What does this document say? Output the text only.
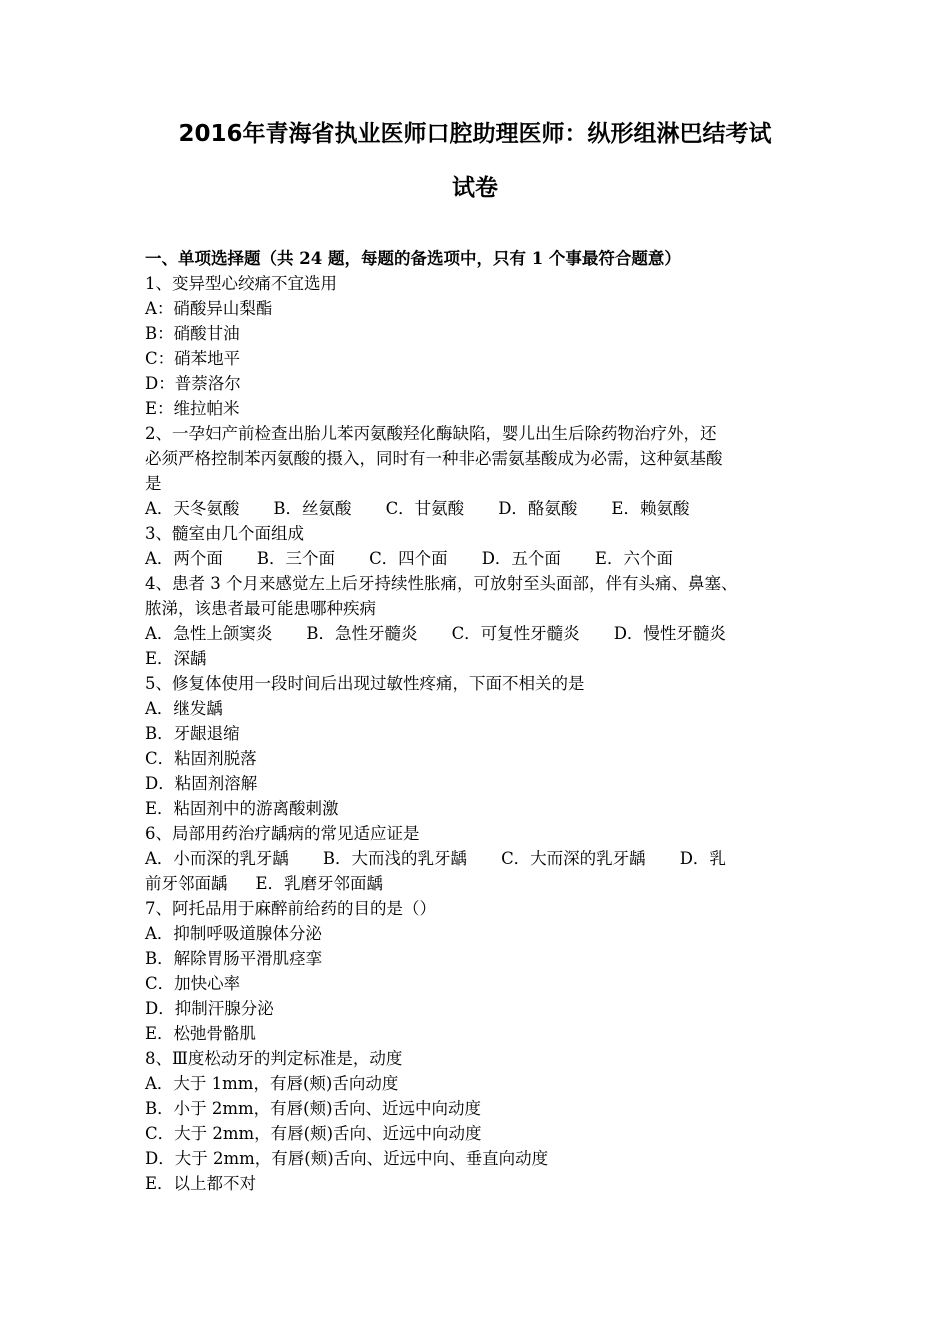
2016年青海省执业医师口腔助理医师：纵形组淋巴结考试
试卷
一、单项选择题（共 24 题，每题的备选项中，只有 1 个事最符合题意）
1、变异型心绞痛不宜选用
A：硝酸异山梨酯
B：硝酸甘油
C：硝苯地平
D：普萘洛尔
E：维拉帕米
2、一孕妇产前检查出胎儿苯丙氨酸羟化酶缺陷，婴儿出生后除药物治疗外，还
必须严格控制苯丙氨酸的摄入，同时有一种非必需氨基酸成为必需，这种氨基酸
是
A．天冬氨酸 B．丝氨酸 C．甘氨酸 D．酪氨酸 E．赖氨酸
3、髓室由几个面组成
A．两个面 B．三个面 C．四个面 D．五个面 E．六个面
4、患者 3 个月来感觉左上后牙持续性胀痛，可放射至头面部，伴有头痛、鼻塞、
脓涕，该患者最可能患哪种疾病
A．急性上颌窦炎 B．急性牙髓炎 C．可复性牙髓炎 D．慢性牙髓炎
E．深龋
5、修复体使用一段时间后出现过敏性疼痛，下面不相关的是
A．继发龋
B．牙龈退缩
C．粘固剂脱落
D．粘固剂溶解
E．粘固剂中的游离酸刺激
6、局部用药治疗龋病的常见适应证是
A．小而深的乳牙龋 B．大而浅的乳牙龋 C．大而深的乳牙龋 D．乳
前牙邻面龋 E．乳磨牙邻面龋
7、阿托品用于麻醉前给药的目的是（）
A．抑制呼吸道腺体分泌
B．解除胃肠平滑肌痉挛
C．加快心率
D．抑制汗腺分泌
E．松弛骨骼肌
8、Ⅲ度松动牙的判定标准是，动度
A．大于 1mm，有唇(颊)舌向动度
B．小于 2mm，有唇(颊)舌向、近远中向动度
C．大于 2mm，有唇(颊)舌向、近远中向动度
D．大于 2mm，有唇(颊)舌向、近远中向、垂直向动度
E．以上都不对
